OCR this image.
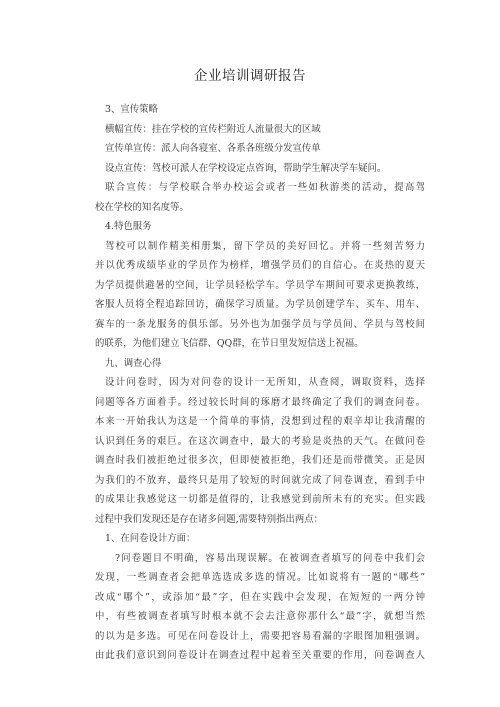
企业培训调研报告
3、宣传策略
横幅宣传：挂在学校的宣传栏附近人流量很大的区域
宣传单宣传：派人向各寝室、各系各班级分发宣传单
设点宣传：驾校可派人在学校设定点咨询，帮助学生解决学车疑问。
联合宣传：与学校联合举办校运会或者一些如秋游类的活动，提高驾
校在学校的知名度等。
4.特色服务
驾校可以制作精美相册集，留下学员的美好回忆。并将一些刻苦努力
并以优秀成绩毕业的学员作为榜样，增强学员们的自信心。在炎热的夏天
为学员提供避暑的空间，让学员轻松学车。学员学车期间可要求更换教练，
客服人员将全程追踪回访，确保学习质量。为学员创建学车、买车、用车、
赛车的一条龙服务的俱乐部。另外也为加强学员与学员间、学员与驾校间
的联系，为他们建立飞信群、QQ群，在节日里发短信送上祝福。
九、调查心得
设计问卷时，因为对问卷的设计一无所知，从查阅，调取资料，选择
问题等各方面着手。经过较长时间的琢磨才最终确定了我们的调查问卷。
本来一开始我认为这是一个简单的事情，没想到过程的艰辛却让我清醒的
认识到任务的艰巨。在这次调查中，最大的考验是炎热的天气。在做问卷
调查时我们被拒绝过很多次，但即使被拒绝，我们还是而带微笑。正是因
为我们的不放弃，最终只是用了较短的时间就完成了问卷调查，看到手中
的成果让我感觉这一切都是值得的，让我感觉到前所未有的充实。但实践
过程中我们发现还是存在诸多问题,需要特别指出两点：
1、在问卷设计方面：
?问卷题目不明确，容易出现误解。在被调查者填写的问卷中我们会
发现，一些调查者会把单选选成多选的情况。比如说将有一题的“哪些”
改成“哪个”，或添加“最”字，但在实践中会发现，在短短的一两分钟
中，有些被调查者填写时根本就不会去注意你那什么“最”字，就想当然
的以为是多选。可见在问卷设计上，需要把容易看漏的字眼图加粗强调。
由此我们意识到问卷设计在调查过程中起着至关重要的作用，问卷调查人
